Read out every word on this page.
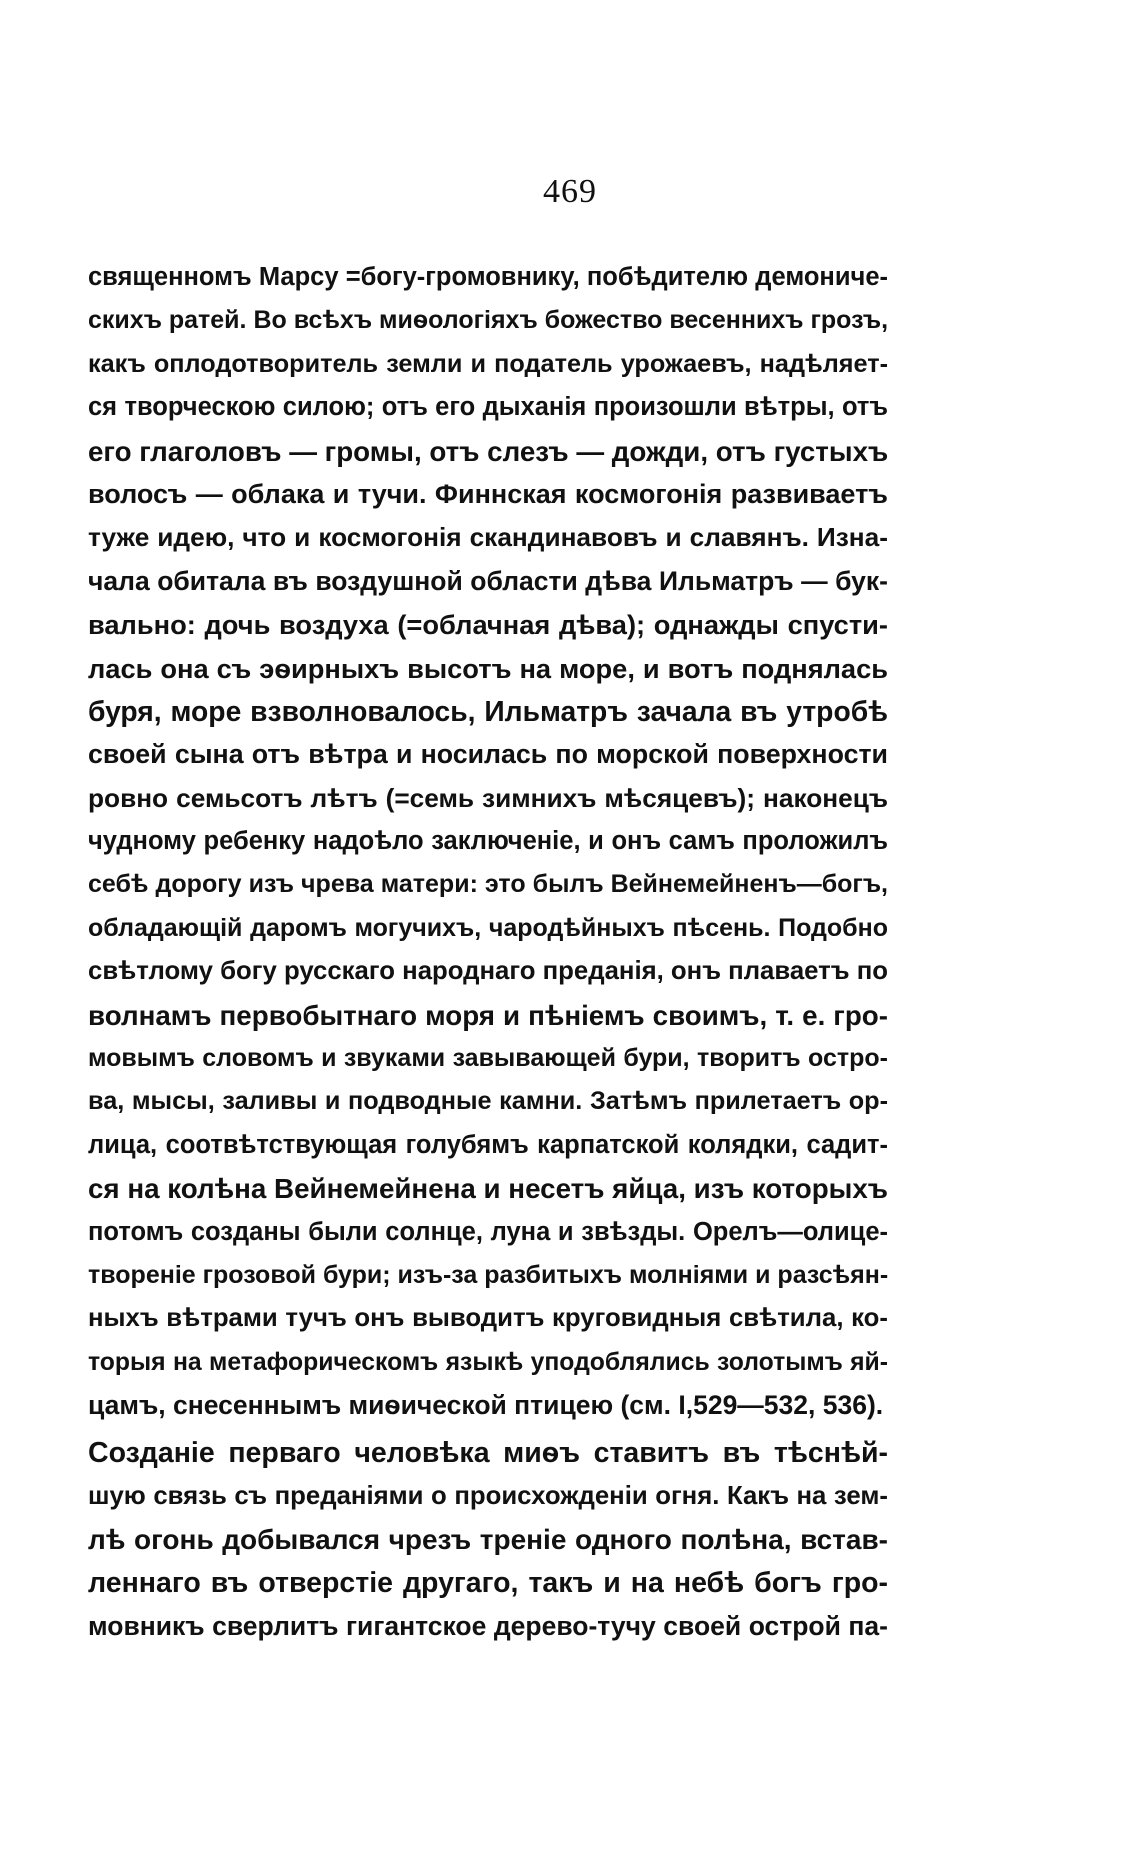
469
священномъ Марсу =богу-громовнику, побѣдителю демониче-
скихъ ратей. Во всѣхъ миѳологіяхъ божество весеннихъ грозъ,
какъ оплодотворитель земли и податель урожаевъ, надѣляет-
ся творческою силою; отъ его дыханія произошли вѣтры, отъ
его глаголовъ — громы, отъ слезъ — дожди, отъ густыхъ
волосъ — облака и тучи. Финнская космогонія развиваетъ
туже идею, что и космогонія скандинавовъ и славянъ. Изна-
чала обитала въ воздушной области дѣва Ильматръ — бук-
вально: дочь воздуха (=облачная дѣва); однажды спусти-
лась она съ эѳирныхъ высотъ на море, и вотъ поднялась
буря, море взволновалось, Ильматръ зачала въ утробѣ
своей сына отъ вѣтра и носилась по морской поверхности
ровно семьсотъ лѣтъ (=семь зимнихъ мѣсяцевъ); наконецъ
чудному ребенку надоѣло заключеніе, и онъ самъ проложилъ
себѣ дорогу изъ чрева матери: это былъ Вейнемейненъ—богъ,
обладающій даромъ могучихъ, чародѣйныхъ пѣсень. Подобно
свѣтлому богу русскаго народнаго преданія, онъ плаваетъ по
волнамъ первобытнаго моря и пѣніемъ своимъ, т. е. гро-
мовымъ словомъ и звуками завывающей бури, творитъ остро-
ва, мысы, заливы и подводные камни. Затѣмъ прилетаетъ ор-
лица, соотвѣтствующая голубямъ карпатской колядки, садит-
ся на колѣна Вейнемейнена и несетъ яйца, изъ которыхъ
потомъ созданы были солнце, луна и звѣзды. Орелъ—олице-
твореніе грозовой бури; изъ-за разбитыхъ молніями и разсѣян-
ныхъ вѣтрами тучъ онъ выводитъ круговидныя свѣтила, ко-
торыя на метафорическомъ языкѣ уподоблялись золотымъ яй-
цамъ, снесеннымъ миѳической птицею (см. I,529—532, 536).
Созданіе перваго человѣка миѳъ ставитъ въ тѣснѣй-
шую связь съ преданіями о происхожденіи огня. Какъ на зем-
лѣ огонь добывался чрезъ треніе одного полѣна, встав-
леннаго въ отверстіе другаго, такъ и на небѣ богъ гро-
мовникъ сверлитъ гигантское дерево-тучу своей острой па-
